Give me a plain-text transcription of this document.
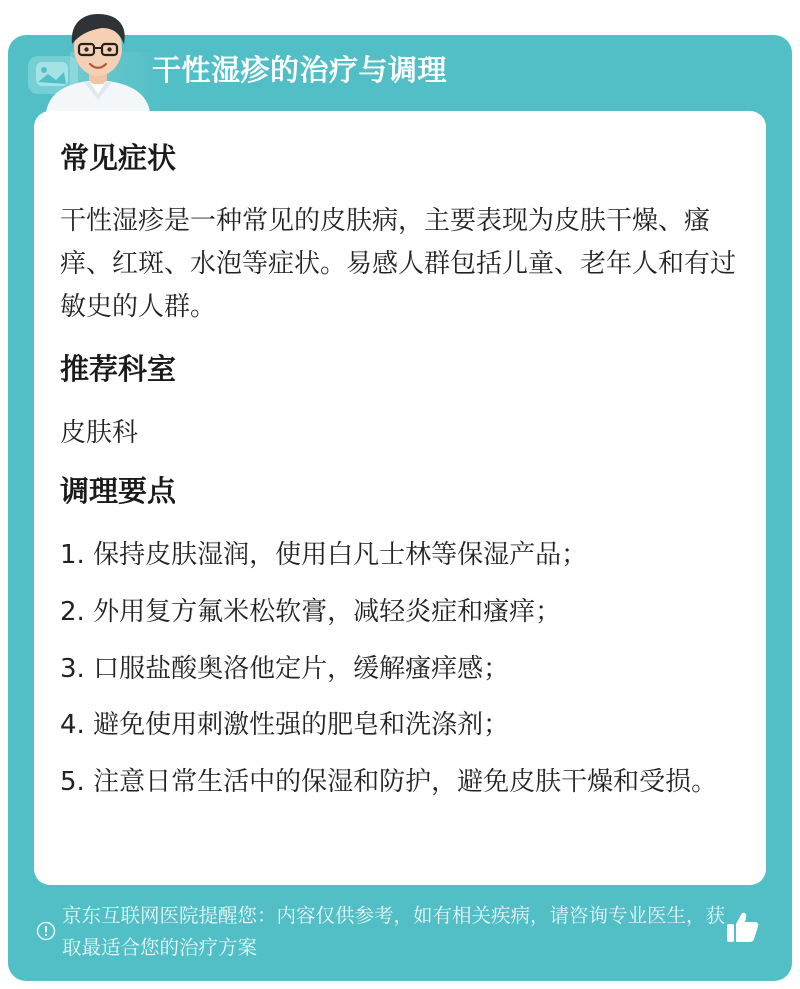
干性湿疹的治疗与调理
常见症状
干性湿疹是一种常见的皮肤病，主要表现为皮肤干燥、瘙痒、红斑、水泡等症状。易感人群包括儿童、老年人和有过敏史的人群。
推荐科室
皮肤科
调理要点
1. 保持皮肤湿润，使用白凡士林等保湿产品；
2. 外用复方氟米松软膏，减轻炎症和瘙痒；
3. 口服盐酸奥洛他定片，缓解瘙痒感；
4. 避免使用刺激性强的肥皂和洗涤剂；
5. 注意日常生活中的保湿和防护，避免皮肤干燥和受损。
京东互联网医院提醒您：内容仅供参考，如有相关疾病，请咨询专业医生，获取最适合您的治疗方案
